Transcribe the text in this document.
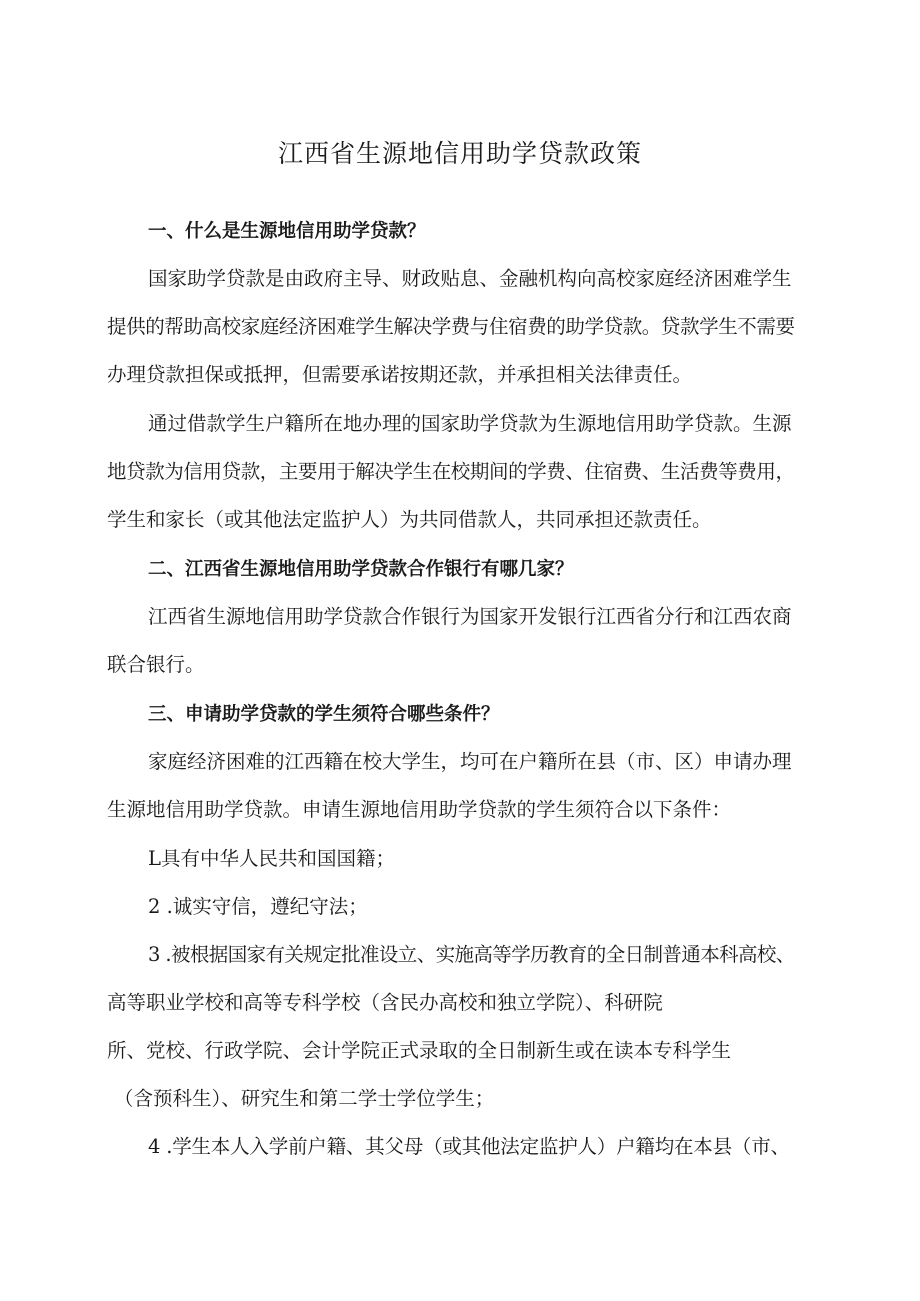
江西省生源地信用助学贷款政策

一、什么是生源地信用助学贷款？

国家助学贷款是由政府主导、财政贴息、金融机构向高校家庭经济困难学生

提供的帮助高校家庭经济困难学生解决学费与住宿费的助学贷款。贷款学生不需要

办理贷款担保或抵押，但需要承诺按期还款，并承担相关法律责任。

通过借款学生户籍所在地办理的国家助学贷款为生源地信用助学贷款。生源

地贷款为信用贷款，主要用于解决学生在校期间的学费、住宿费、生活费等费用，

学生和家长（或其他法定监护人）为共同借款人，共同承担还款责任。

二、江西省生源地信用助学贷款合作银行有哪几家？

江西省生源地信用助学贷款合作银行为国家开发银行江西省分行和江西农商

联合银行。

三、申请助学贷款的学生须符合哪些条件？

家庭经济困难的江西籍在校大学生，均可在户籍所在县（市、区）申请办理

生源地信用助学贷款。申请生源地信用助学贷款的学生须符合以下条件：

L具有中华人民共和国国籍；

2 .诚实守信，遵纪守法；

3 .被根据国家有关规定批准设立、实施高等学历教育的全日制普通本科高校、

高等职业学校和高等专科学校（含民办高校和独立学院）、科研院

所、党校、行政学院、会计学院正式录取的全日制新生或在读本专科学生

（含预科生）、研究生和第二学士学位学生；

4 .学生本人入学前户籍、其父母（或其他法定监护人）户籍均在本县（市、
